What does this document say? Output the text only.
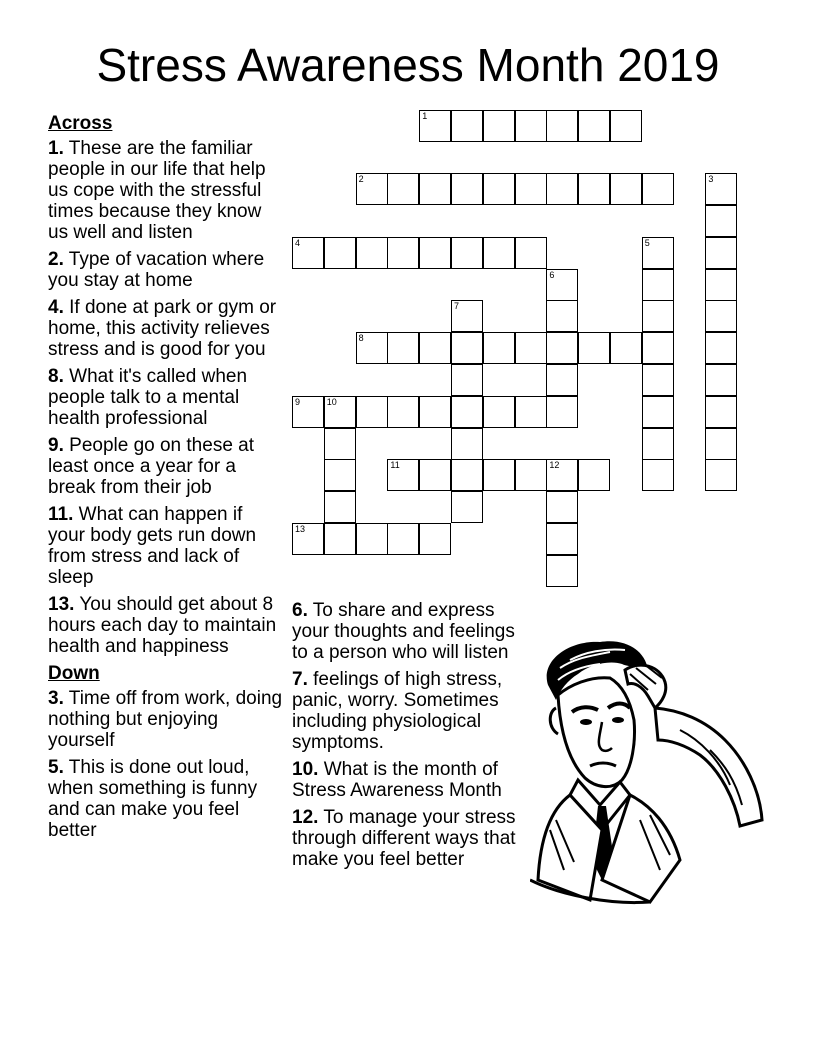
Stress Awareness Month 2019
Across
1. These are the familiar people in our life that help us cope with the stressful times because they know us well and listen
2. Type of vacation where you stay at home
4. If done at park or gym or home, this activity relieves stress and is good for you
8. What it's called when people talk to a mental health professional
9. People go on these at least once a year for a break from their job
11. What can happen if your body gets run down from stress and lack of sleep
13. You should get about 8 hours each day to maintain health and happiness
Down
3. Time off from work, doing nothing but enjoying yourself
5. This is done out loud, when something is funny and can make you feel better
6. To share and express your thoughts and feelings to a person who will listen
7. feelings of high stress, panic, worry. Sometimes including physiological symptoms.
10. What is the month of Stress Awareness Month
12. To manage your stress through different ways that make you feel better
1
2	3
4	5
6
7
8
9	10
11	12
13
